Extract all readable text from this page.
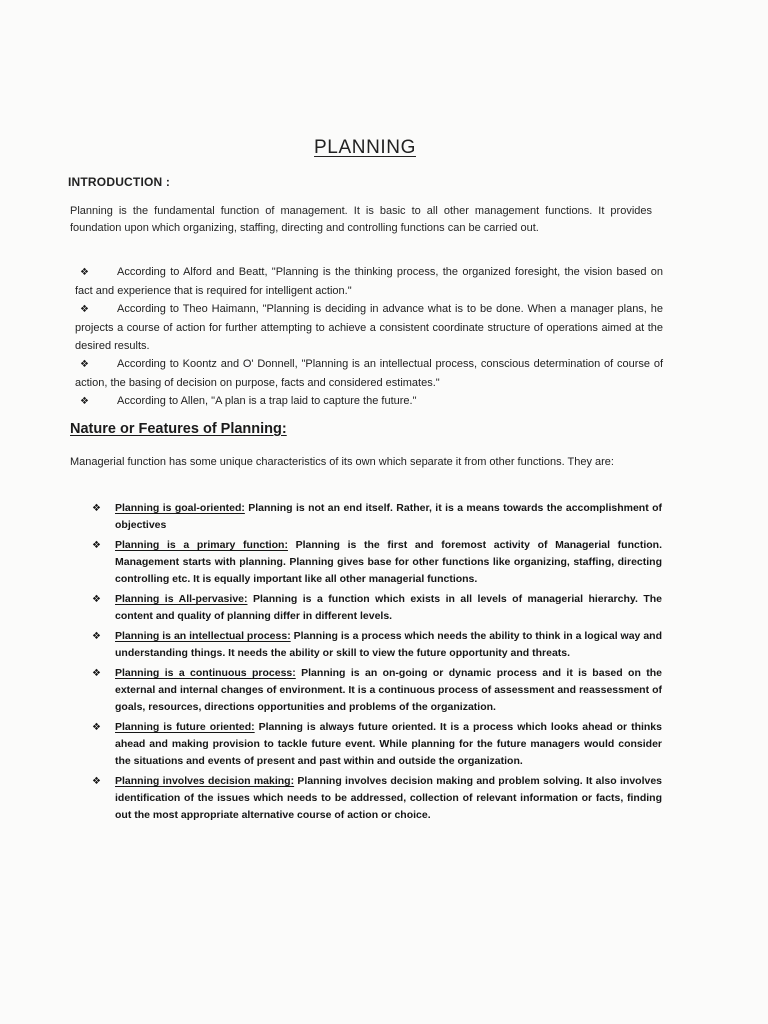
PLANNING
INTRODUCTION :

Planning is the fundamental function of management. It is basic to all other management functions. It provides foundation upon which organizing, staffing, directing and controlling functions can be carried out.

❖	According to Alford and Beatt, "Planning is the thinking process, the organized foresight, the vision based on fact and experience that is required for intelligent action."

❖	According to Theo Haimann, "Planning is deciding in advance what is to be done. When a manager plans, he projects a course of action for further attempting to achieve a consistent coordinate structure of operations aimed at the desired results.

❖	According to Koontz and O' Donnell, "Planning is an intellectual process, conscious determination of course of action, the basing of decision on purpose, facts and considered estimates."

❖	According to Allen, "A plan is a trap laid to capture the future."

Nature or Features of Planning:

Managerial function has some unique characteristics of its own which separate it from other functions. They are:

❖	Planning is goal-oriented: Planning is not an end itself. Rather, it is a means towards the accomplishment of objectives
❖	Planning is a primary function: Planning is the first and foremost activity of Managerial function. Management starts with planning. Planning gives base for other functions like organizing, staffing, directing controlling etc. It is equally important like all other managerial functions.
❖	Planning is All-pervasive: Planning is a function which exists in all levels of managerial hierarchy. The content and quality of planning differ in different levels.
❖	Planning is an intellectual process: Planning is a process which needs the ability to think in a logical way and understanding things. It needs the ability or skill to view the future opportunity and threats.
❖	Planning is a continuous process: Planning is an on-going or dynamic process and it is based on the external and internal changes of environment. It is a continuous process of assessment and reassessment of goals, resources, directions opportunities and problems of the organization.
❖	Planning is future oriented: Planning is always future oriented. It is a process which looks ahead or thinks ahead and making provision to tackle future event. While planning for the future managers would consider the situations and events of present and past within and outside the organization.
❖	Planning involves decision making: Planning involves decision making and problem solving. It also involves identification of the issues which needs to be addressed, collection of relevant information or facts, finding out the most appropriate alternative course of action or choice.
